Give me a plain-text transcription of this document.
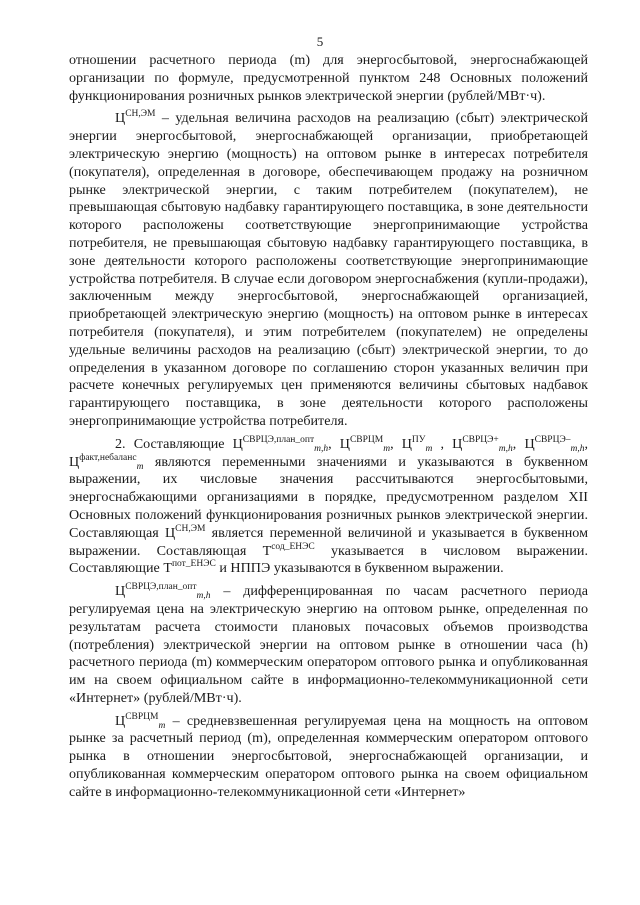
5

отношении расчетного периода (m) для энергосбытовой, энергоснабжающей организации по формуле, предусмотренной пунктом 248 Основных положений функционирования розничных рынков электрической энергии (рублей/МВт·ч).

$Ц^{СН,ЭМ}$ – удельная величина расходов на реализацию (сбыт) электрической энергии энергосбытовой, энергоснабжающей организации, приобретающей электрическую энергию (мощность) на оптовом рынке в интересах потребителя (покупателя), определенная в договоре, обеспечивающем продажу на розничном рынке электрической энергии, с таким потребителем (покупателем), не превышающая сбытовую надбавку гарантирующего поставщика, в зоне деятельности которого расположены соответствующие энергопринимающие устройства потребителя, не превышающая сбытовую надбавку гарантирующего поставщика, в зоне деятельности которого расположены соответствующие энергопринимающие устройства потребителя. В случае если договором энергоснабжения (купли-продажи), заключенным между энергосбытовой, энергоснабжающей организацией, приобретающей электрическую энергию (мощность) на оптовом рынке в интересах потребителя (покупателя), и этим потребителем (покупателем) не определены удельные величины расходов на реализацию (сбыт) электрической энергии, то до определения в указанном договоре по соглашению сторон указанных величин при расчете конечных регулируемых цен применяются величины сбытовых надбавок гарантирующего поставщика, в зоне деятельности которого расположены энергопринимающие устройства потребителя.

2. Составляющие $Ц^{СВРЦЭ,план\_опт}_{m,h}$, $Ц^{СВРЦМ}_m$, $Ц^{ПУ}_m$ , $Ц^{СВРЦЭ+}_{m,h}$, $Ц^{СВРЦЭ-}_{m,h}$, $Ц^{факт,небаланс}_m$ являются переменными значениями и указываются в буквенном выражении, их числовые значения рассчитываются энергосбытовыми, энергоснабжающими организациями в порядке, предусмотренном разделом XII Основных положений функционирования розничных рынков электрической энергии. Составляющая $Ц^{СН,ЭМ}$ является переменной величиной и указывается в буквенном выражении. Составляющая $Т^{сод\_ЕНЭС}$ указывается в числовом выражении. Составляющие $Т^{пот\_ЕНЭС}$ и НППЭ указываются в буквенном выражении.

$Ц^{СВРЦЭ,план\_опт}_{m,h}$ – дифференцированная по часам расчетного периода регулируемая цена на электрическую энергию на оптовом рынке, определенная по результатам расчета стоимости плановых почасовых объемов производства (потребления) электрической энергии на оптовом рынке в отношении часа (h) расчетного периода (m) коммерческим оператором оптового рынка и опубликованная им на своем официальном сайте в информационно-телекоммуникационной сети «Интернет» (рублей/МВт·ч).

$Ц^{СВРЦМ}_m$ – средневзвешенная регулируемая цена на мощность на оптовом рынке за расчетный период (m), определенная коммерческим оператором оптового рынка в отношении энергосбытовой, энергоснабжающей организации, и опубликованная коммерческим оператором оптового рынка на своем официальном сайте в информационно-телекоммуникационной сети «Интернет»
